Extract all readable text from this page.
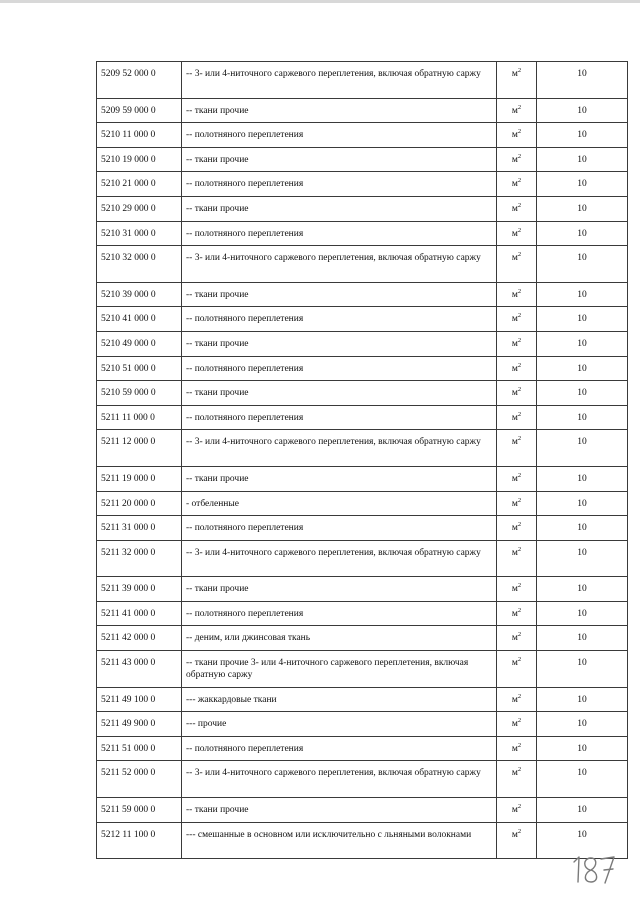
5209 52 000 0	-- 3- или 4-ниточного саржевого переплетения, включая обратную саржу	$м^2$	10
5209 59 000 0	-- ткани прочие	$м^2$	10
5210 11 000 0	-- полотняного переплетения	$м^2$	10
5210 19 000 0	-- ткани прочие	$м^2$	10
5210 21 000 0	-- полотняного переплетения	$м^2$	10
5210 29 000 0	-- ткани прочие	$м^2$	10
5210 31 000 0	-- полотняного переплетения	$м^2$	10
5210 32 000 0	-- 3- или 4-ниточного саржевого переплетения, включая обратную саржу	$м^2$	10
5210 39 000 0	-- ткани прочие	$м^2$	10
5210 41 000 0	-- полотняного переплетения	$м^2$	10
5210 49 000 0	-- ткани прочие	$м^2$	10
5210 51 000 0	-- полотняного переплетения	$м^2$	10
5210 59 000 0	-- ткани прочие	$м^2$	10
5211 11 000 0	-- полотняного переплетения	$м^2$	10
5211 12 000 0	-- 3- или 4-ниточного саржевого переплетения, включая обратную саржу	$м^2$	10
5211 19 000 0	-- ткани прочие	$м^2$	10
5211 20 000 0	- отбеленные	$м^2$	10
5211 31 000 0	-- полотняного переплетения	$м^2$	10
5211 32 000 0	-- 3- или 4-ниточного саржевого переплетения, включая обратную саржу	$м^2$	10
5211 39 000 0	-- ткани прочие	$м^2$	10
5211 41 000 0	-- полотняного переплетения	$м^2$	10
5211 42 000 0	-- деним, или джинсовая ткань	$м^2$	10
5211 43 000 0	-- ткани прочие 3- или 4-ниточного саржевого переплетения, включая обратную саржу	$м^2$	10
5211 49 100 0	--- жаккардовые ткани	$м^2$	10
5211 49 900 0	--- прочие	$м^2$	10
5211 51 000 0	-- полотняного переплетения	$м^2$	10
5211 52 000 0	-- 3- или 4-ниточного саржевого переплетения, включая обратную саржу	$м^2$	10
5211 59 000 0	-- ткани прочие	$м^2$	10
5212 11 100 0	--- смешанные в основном или исключительно с льняными волокнами	$м^2$	10
